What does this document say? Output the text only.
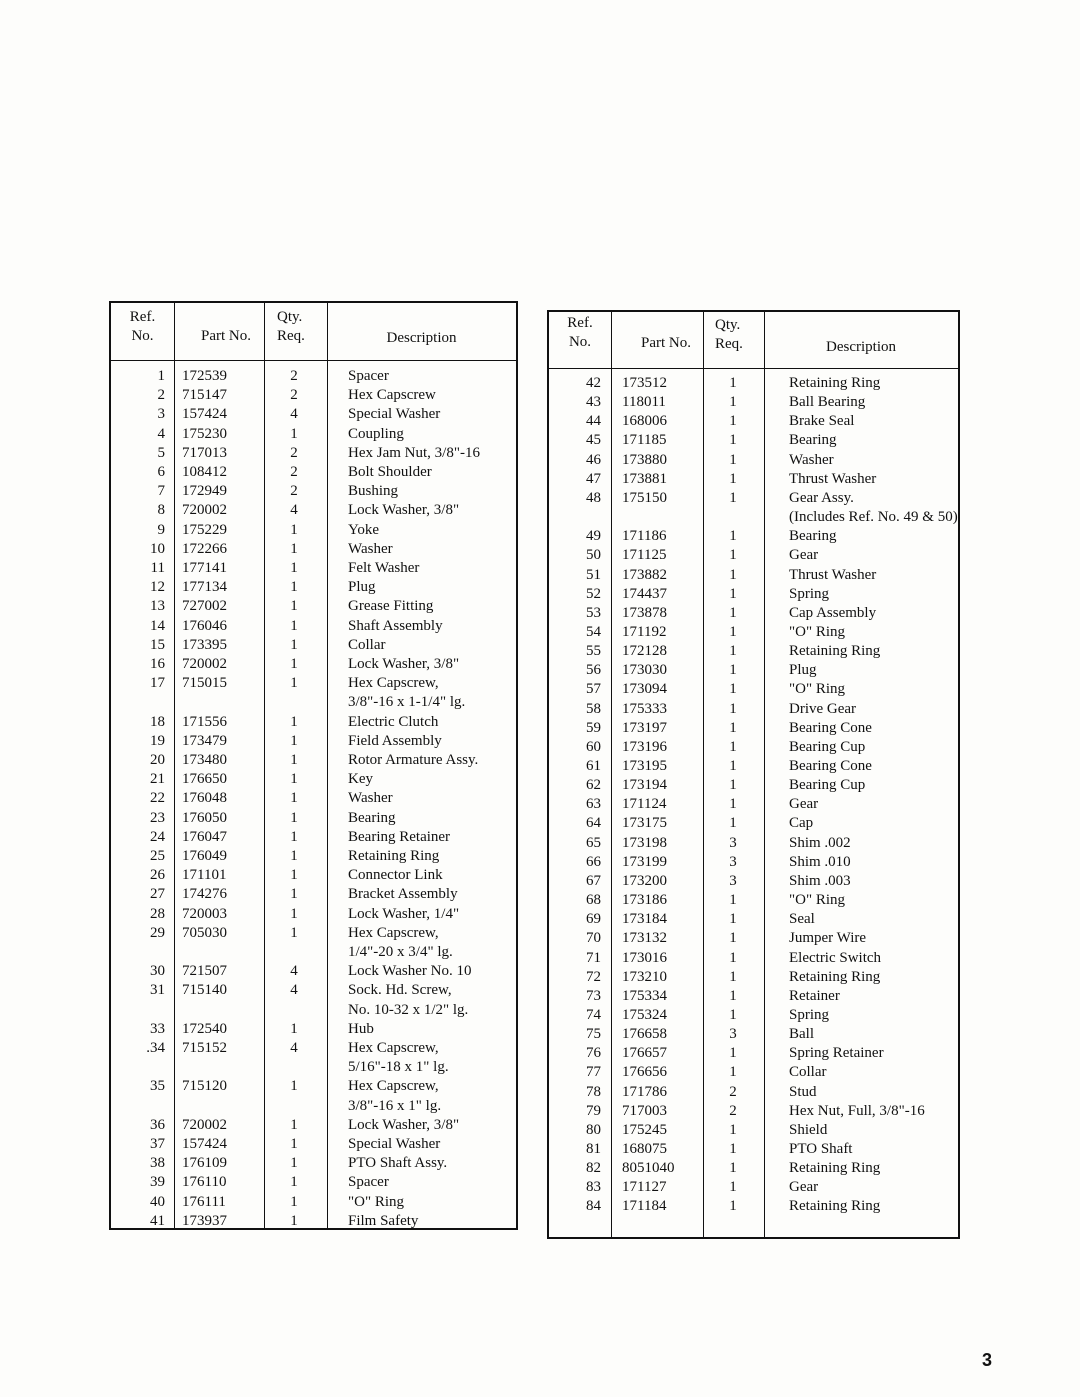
Ref.
No.	Part No.
Qty.
Req.	Description
1 172539	2	Spacer
2 715147	2	Hex Capscrew
3 157424	4	Special Washer
4 175230	1	Coupling
5 717013	2	Hex Jam Nut, 3/8"-16
6 108412	2	Bolt Shoulder
7 172949	2	Bushing
8 720002	4	Lock Washer, 3/8"
9 175229	1	Yoke
10 172266	1	Washer
11 177141	1	Felt Washer
12 177134	1	Plug
13 727002	1	Grease Fitting
14 176046	1	Shaft Assembly
15 173395	1	Collar
16 720002	1	Lock Washer, 3/8"
17 715015	1	Hex Capscrew,
3/8"-16 x 1-1/4" lg.
18 171556	1	Electric Clutch
19 173479	1	Field Assembly
20 173480	1	Rotor Armature Assy.
21 176650	1	Key
22 176048	1	Washer
23 176050	1	Bearing
24 176047	1	Bearing Retainer
25 176049	1	Retaining Ring
26 171101	1	Connector Link
27 174276	1	Bracket Assembly
28 720003	1	Lock Washer, 1/4"
29 705030	1	Hex Capscrew,
1/4"-20 x 3/4" lg.
30 721507	4	Lock Washer No. 10
31 715140	4	Sock. Hd. Screw,
No. 10-32 x 1/2" lg.
33 172540	1	Hub
.34 715152	4	Hex Capscrew,
5/16"-18 x 1" lg.
35 715120	1	Hex Capscrew,
3/8"-16 x 1" lg.
36 720002	1	Lock Washer, 3/8"
37 157424	1	Special Washer
38 176109	1	PTO Shaft Assy.
39 176110	1	Spacer
40 176111	1	"O" Ring
41 173937	1	Film Safety
Ref.
No.	Part No.
Qty.
Req.	Description
42 173512	1	Retaining Ring
43 118011	1	Ball Bearing
44 168006	1	Brake Seal
45 171185	1	Bearing
46 173880	1	Washer
47 173881	1	Thrust Washer
48 175150	1	Gear Assy.
(Includes Ref. No. 49 & 50)
49 171186	1	Bearing
50 171125	1	Gear
51 173882	1	Thrust Washer
52 174437	1	Spring
53 173878	1	Cap Assembly
54 171192	1	"O" Ring
55 172128	1	Retaining Ring
56 173030	1	Plug
57 173094	1	"O" Ring
58 175333	1	Drive Gear
59 173197	1	Bearing Cone
60 173196	1	Bearing Cup
61 173195	1	Bearing Cone
62 173194	1	Bearing Cup
63 171124	1	Gear
64 173175	1	Cap
65 173198	3	Shim .002
66 173199	3	Shim .010
67 173200	3	Shim .003
68 173186	1	"O" Ring
69 173184	1	Seal
70 173132	1	Jumper Wire
71 173016	1	Electric Switch
72 173210	1	Retaining Ring
73 175334	1	Retainer
74 175324	1	Spring
75 176658	3	Ball
76 176657	1	Spring Retainer
77 176656	1	Collar
78 171786	2	Stud
79 717003	2	Hex Nut, Full, 3/8"-16
80 175245	1	Shield
81 168075	1	PTO Shaft
82 8051040	1	Retaining Ring
83 171127	1	Gear
84 171184	1	Retaining Ring
3
